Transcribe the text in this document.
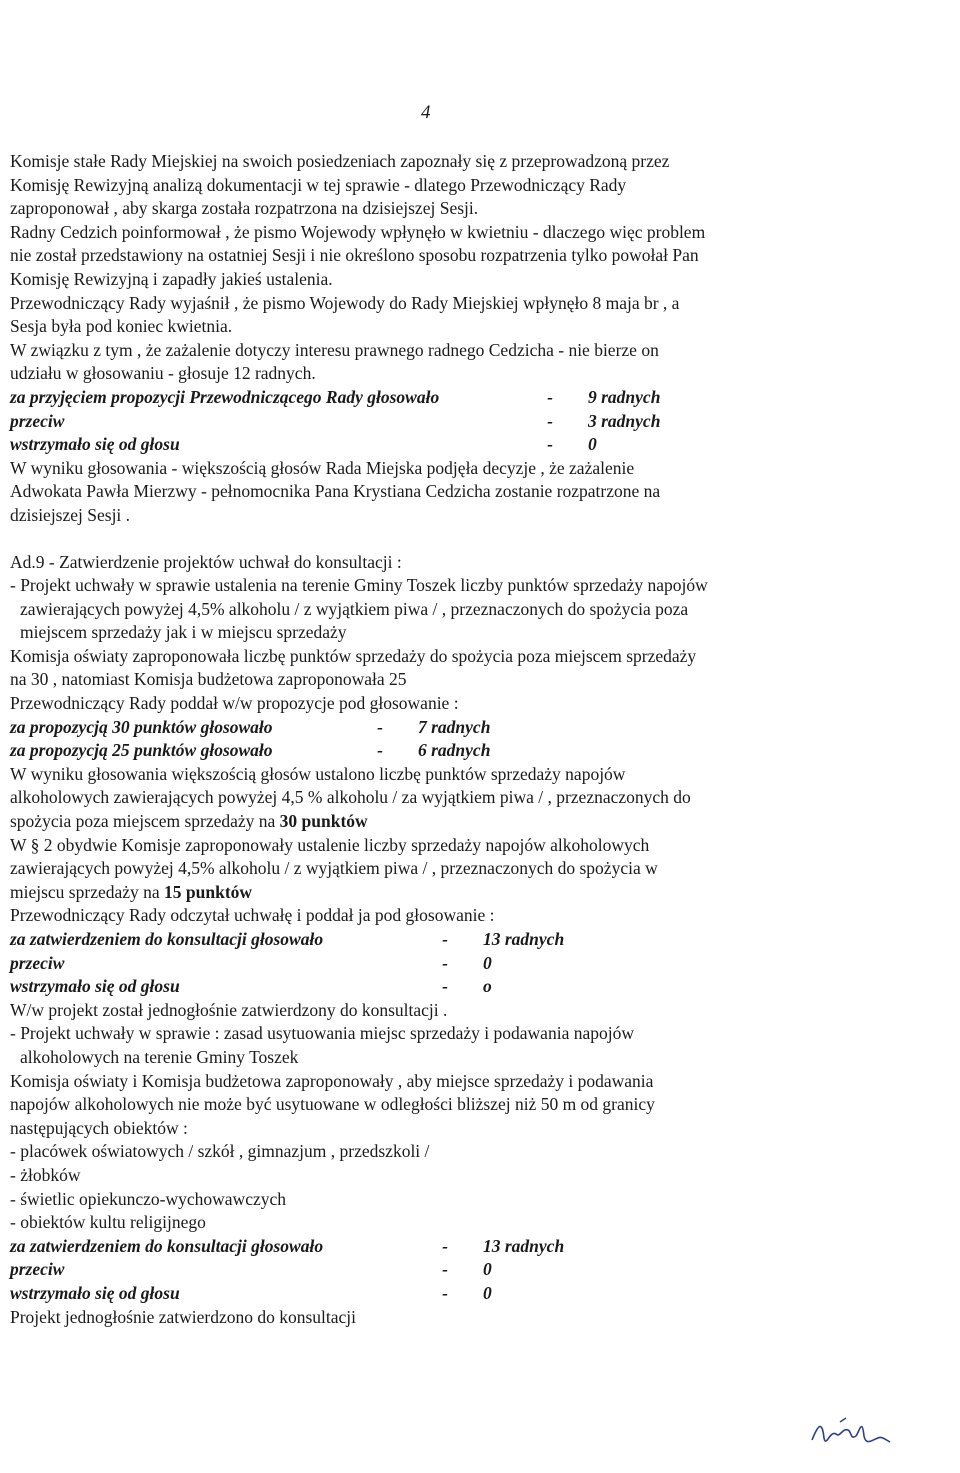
4

Komisje stałe Rady Miejskiej na swoich posiedzeniach zapoznały się z przeprowadzoną przez

Komisję Rewizyjną analizą dokumentacji w tej sprawie - dlatego Przewodniczący Rady

zaproponował , aby skarga została rozpatrzona na dzisiejszej Sesji.

Radny Cedzich poinformował , że pismo Wojewody wpłynęło w kwietniu - dlaczego więc problem

nie został przedstawiony na ostatniej Sesji i nie określono sposobu rozpatrzenia tylko powołał Pan

Komisję Rewizyjną i zapadły jakieś ustalenia.

Przewodniczący Rady wyjaśnił , że pismo Wojewody do Rady Miejskiej wpłynęło 8 maja br , a

Sesja była pod koniec kwietnia.

W związku z tym , że zażalenie dotyczy interesu prawnego radnego Cedzicha - nie bierze on

udziału w głosowaniu - głosuje 12 radnych.

za przyjęciem propozycji Przewodniczącego Rady głosowało	-	9 radnych
przeciw	-	3 radnych
wstrzymało się od głosu	-	0

W wyniku głosowania - większością głosów Rada Miejska podjęła decyzje , że zażalenie

Adwokata Pawła Mierzwy - pełnomocnika Pana Krystiana Cedzicha zostanie rozpatrzone na

dzisiejszej Sesji .

Ad.9 - Zatwierdzenie projektów uchwał do konsultacji :

- Projekt uchwały w sprawie ustalenia na terenie Gminy Toszek liczby punktów sprzedaży napojów

zawierających powyżej 4,5% alkoholu / z wyjątkiem piwa / , przeznaczonych do spożycia poza

miejscem sprzedaży jak i w miejscu sprzedaży

Komisja oświaty zaproponowała liczbę punktów sprzedaży do spożycia poza miejscem sprzedaży

na 30 , natomiast Komisja budżetowa zaproponowała 25

Przewodniczący Rady poddał w/w propozycje pod głosowanie :

za propozycją 30 punktów głosowało	-	7 radnych
za propozycją 25 punktów głosowało	-	6 radnych

W wyniku głosowania większością głosów ustalono liczbę punktów sprzedaży napojów

alkoholowych zawierających powyżej 4,5 % alkoholu / za wyjątkiem piwa / , przeznaczonych do

spożycia poza miejscem sprzedaży na 30 punktów

W § 2 obydwie Komisje zaproponowały ustalenie liczby sprzedaży napojów alkoholowych

zawierających powyżej 4,5% alkoholu / z wyjątkiem piwa / , przeznaczonych do spożycia w

miejscu sprzedaży na 15 punktów

Przewodniczący Rady odczytał uchwałę i poddał ja pod głosowanie :

za zatwierdzeniem do konsultacji głosowało	-	13 radnych
przeciw	-	0
wstrzymało się od głosu	-	o

W/w projekt został jednogłośnie zatwierdzony do konsultacji .

- Projekt uchwały w sprawie : zasad usytuowania miejsc sprzedaży i podawania napojów

alkoholowych na terenie Gminy Toszek

Komisja oświaty i Komisja budżetowa zaproponowały , aby miejsce sprzedaży i podawania

napojów alkoholowych nie może być usytuowane w odległości bliższej niż 50 m od granicy

następujących obiektów :

- placówek oświatowych / szkół , gimnazjum , przedszkoli /

- żłobków

- świetlic opiekunczo-wychowawczych

- obiektów kultu religijnego

za zatwierdzeniem do konsultacji głosowało	-	13 radnych
przeciw	-	0
wstrzymało się od głosu	-	0

Projekt jednogłośnie zatwierdzono do konsultacji
